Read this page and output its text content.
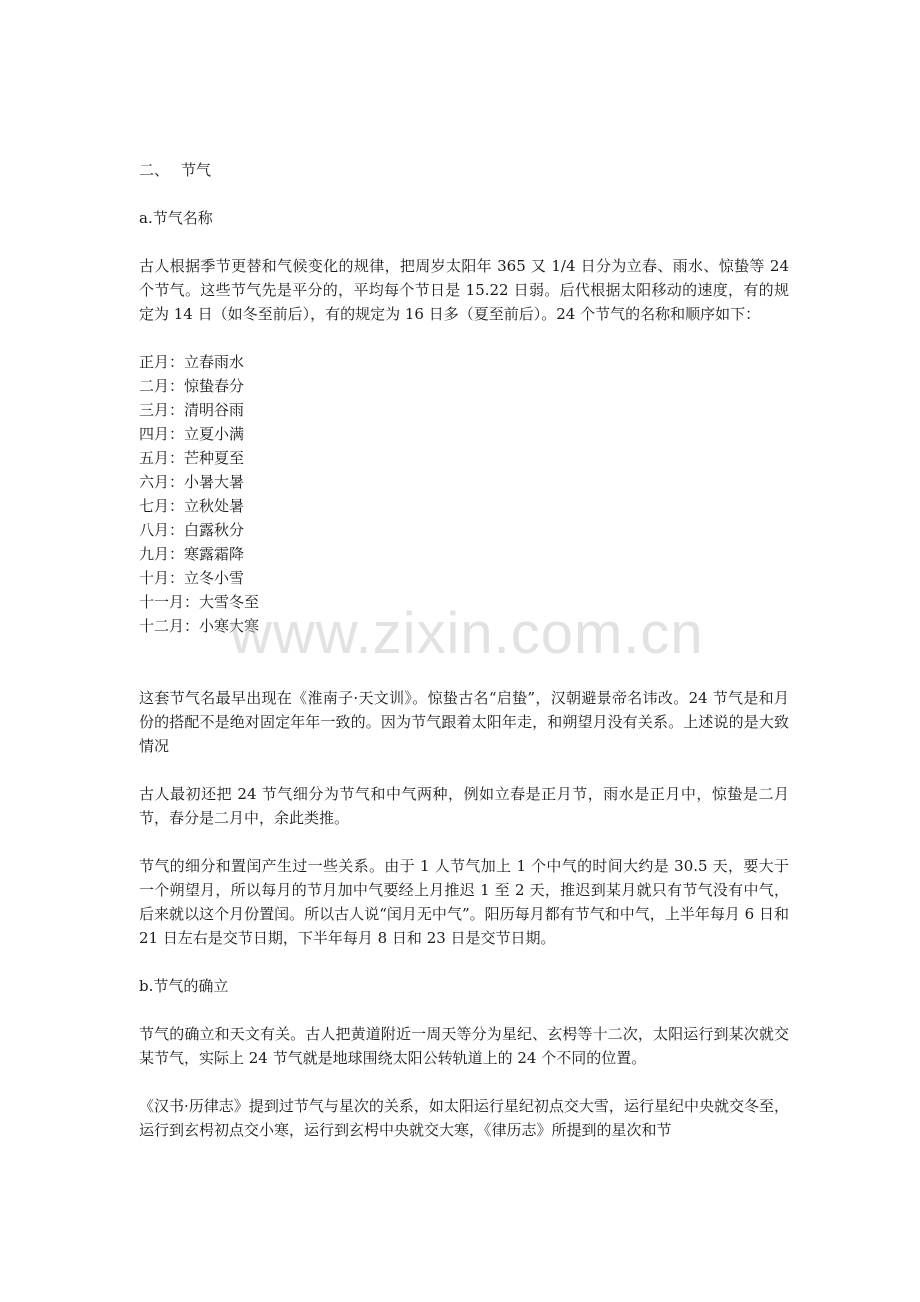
二、 节气

a.节气名称

古人根据季节更替和气候变化的规律，把周岁太阳年 365 又 1/4 日分为立春、雨水、惊蛰等 24 个节气。这些节气先是平分的，平均每个节日是 15.22 日弱。后代根据太阳移动的速度，有的规定为 14 日（如冬至前后），有的规定为 16 日多（夏至前后）。24 个节气的名称和顺序如下：

正月：立春雨水
二月：惊蛰春分
三月：清明谷雨
四月：立夏小满
五月：芒种夏至
六月：小暑大暑
七月：立秋处暑
八月：白露秋分
九月：寒露霜降
十月：立冬小雪
十一月：大雪冬至
十二月：小寒大寒

这套节气名最早出现在《淮南子·天文训》。惊蛰古名“启蛰”，汉朝避景帝名讳改。24 节气是和月份的搭配不是绝对固定年年一致的。因为节气跟着太阳年走，和朔望月没有关系。上述说的是大致情况

古人最初还把 24 节气细分为节气和中气两种，例如立春是正月节，雨水是正月中，惊蛰是二月节，春分是二月中，余此类推。

节气的细分和置闰产生过一些关系。由于 1 人节气加上 1 个中气的时间大约是 30.5 天，要大于一个朔望月，所以每月的节月加中气要经上月推迟 1 至 2 天，推迟到某月就只有节气没有中气，后来就以这个月份置闰。所以古人说“闰月无中气”。阳历每月都有节气和中气，上半年每月 6 日和 21 日左右是交节日期，下半年每月 8 日和 23 日是交节日期。

b.节气的确立

节气的确立和天文有关。古人把黄道附近一周天等分为星纪、玄枵等十二次，太阳运行到某次就交某节气，实际上 24 节气就是地球围绕太阳公转轨道上的 24 个不同的位置。

《汉书·历律志》提到过节气与星次的关系，如太阳运行星纪初点交大雪，运行星纪中央就交冬至，运行到玄枵初点交小寒，运行到玄枵中央就交大寒，《律历志》所提到的星次和节

www.zixin.com.cn
